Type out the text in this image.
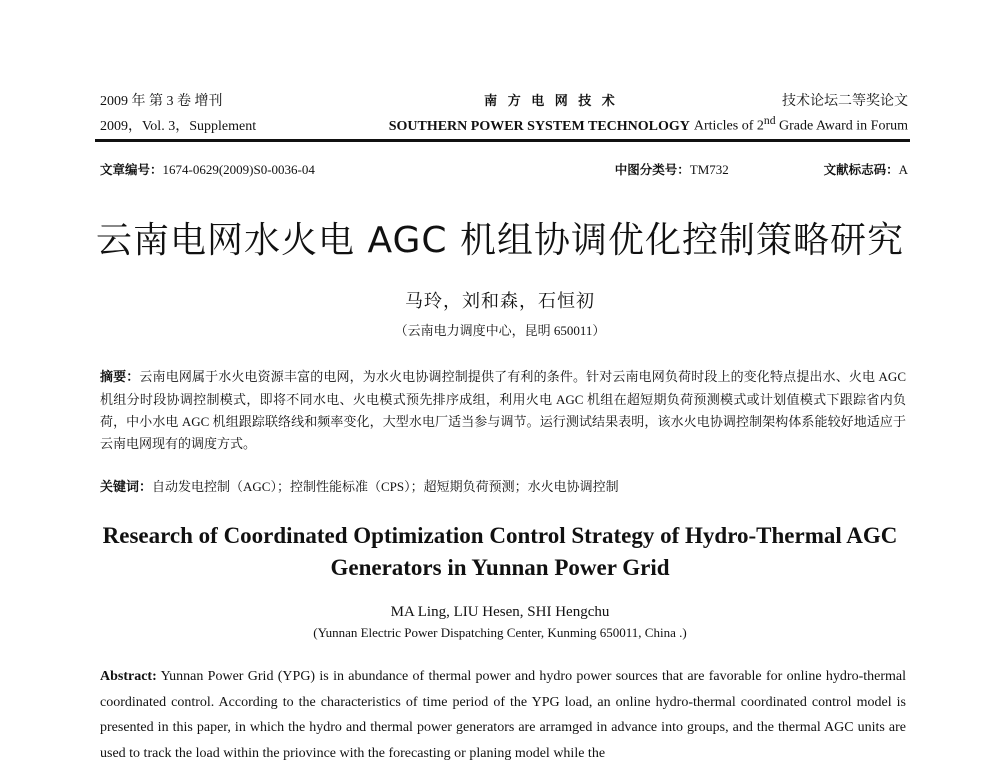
2009 年 第 3 卷 增刊	南 方 电 网 技 术	技术论坛二等奖论文
2009，Vol. 3，Supplement	SOUTHERN POWER SYSTEM TECHNOLOGY Articles of 2nd Grade Award in Forum
文章编号：1674-0629(2009)S0-0036-04	中图分类号：TM732	文献标志码：A
云南电网水火电 AGC 机组协调优化控制策略研究
马玲，刘和森，石恒初
（云南电力调度中心，昆明 650011）
摘要：云南电网属于水火电资源丰富的电网，为水火电协调控制提供了有利的条件。针对云南电网负荷时段上的变化特点提出水、火电 AGC 机组分时段协调控制模式，即将不同水电、火电模式预先排序成组，利用火电 AGC 机组在超短期负荷预测模式或计划值模式下跟踪省内负荷，中小水电 AGC 机组跟踪联络线和频率变化，大型水电厂适当参与调节。运行测试结果表明，该水火电协调控制架构体系能较好地适应于云南电网现有的调度方式。
关键词：自动发电控制（AGC）；控制性能标准（CPS）；超短期负荷预测；水火电协调控制
Research of Coordinated Optimization Control Strategy of Hydro-Thermal AGC Generators in Yunnan Power Grid
MA Ling, LIU Hesen, SHI Hengchu
(Yunnan Electric Power Dispatching Center, Kunming 650011, China .)
Abstract: Yunnan Power Grid (YPG) is in abundance of thermal power and hydro power sources that are favorable for online hydro-thermal coordinated control. According to the characteristics of time period of the YPG load, an online hydro-thermal coordinated control model is presented in this paper, in which the hydro and thermal power generators are arramged in advance into groups, and the thermal AGC units are used to track the load within the priovince with the forecasting or planing model while the
